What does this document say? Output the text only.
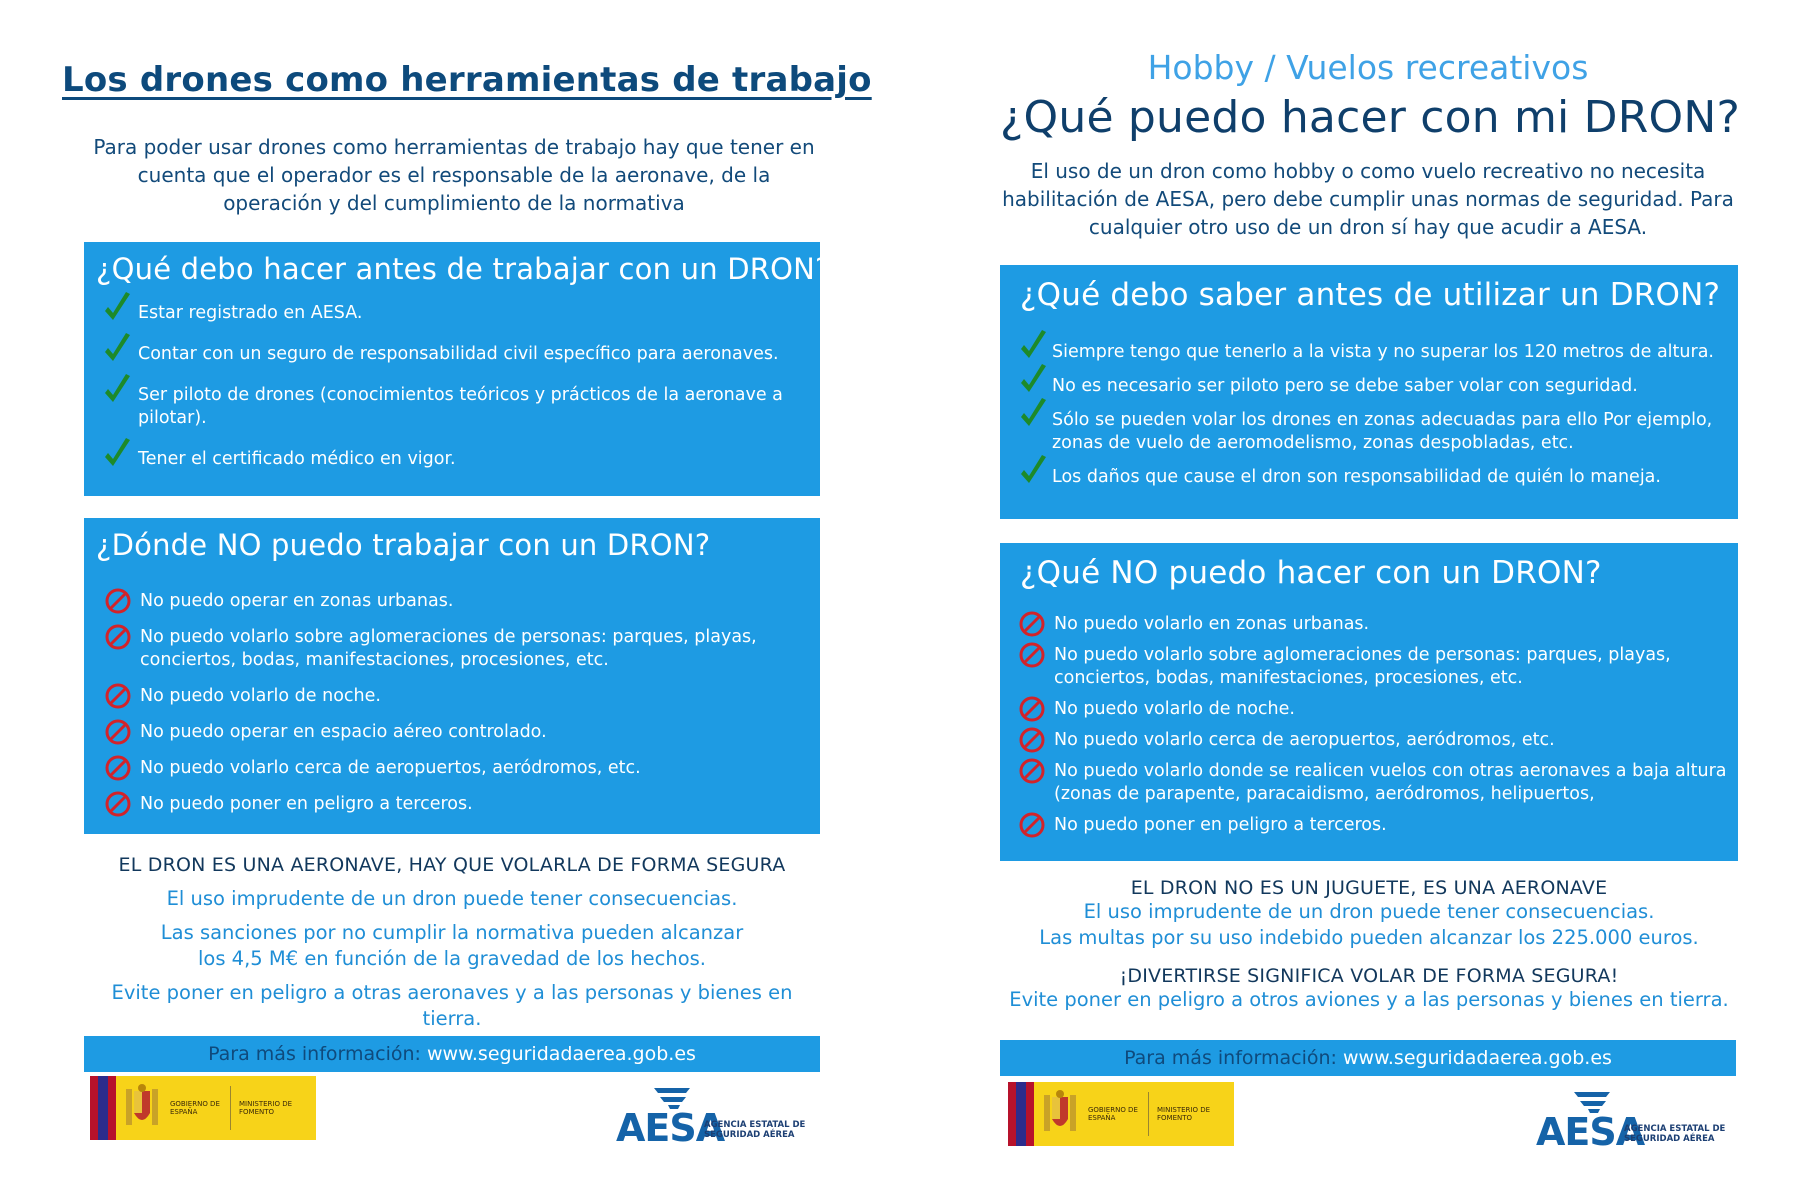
Los drones como herramientas de trabajo
Para poder usar drones como herramientas de trabajo hay que tener en cuenta que el operador es el responsable de la aeronave, de la operación y del cumplimiento de la normativa
¿Qué debo hacer antes de trabajar con un DRON?
Estar registrado en AESA.
Contar con un seguro de responsabilidad civil específico para aeronaves.
Ser piloto de drones (conocimientos teóricos y prácticos de la aeronave a pilotar).
Tener el certificado médico en vigor.
¿Dónde NO puedo trabajar con un DRON?
No puedo operar en zonas urbanas.
No puedo volarlo sobre aglomeraciones de personas: parques, playas, conciertos, bodas, manifestaciones, procesiones, etc.
No puedo volarlo de noche.
No puedo operar en espacio aéreo controlado.
No puedo volarlo cerca de aeropuertos, aeródromos, etc.
No puedo poner en peligro a terceros.
EL DRON ES UNA AERONAVE, HAY QUE VOLARLA DE FORMA SEGURA
El uso imprudente de un dron puede tener consecuencias.
Las sanciones por no cumplir la normativa pueden alcanzar los 4,5 M€ en función de la gravedad de los hechos.
Evite poner en peligro a otras aeronaves y a las personas y bienes en tierra.
Para más información: www.seguridadaerea.gob.es
GOBIERNO DE ESPAÑA
MINISTERIO DE FOMENTO	AESA
AGENCIA ESTATAL DE SEGURIDAD AÉREA
Hobby / Vuelos recreativos
¿Qué puedo hacer con mi DRON?
El uso de un dron como hobby o como vuelo recreativo no necesita habilitación de AESA, pero debe cumplir unas normas de seguridad. Para cualquier otro uso de un dron sí hay que acudir a AESA.
¿Qué debo saber antes de utilizar un DRON?
Siempre tengo que tenerlo a la vista y no superar los 120 metros de altura.
No es necesario ser piloto pero se debe saber volar con seguridad.
Sólo se pueden volar los drones en zonas adecuadas para ello Por ejemplo, zonas de vuelo de aeromodelismo, zonas despobladas, etc.
Los daños que cause el dron son responsabilidad de quién lo maneja.
¿Qué NO puedo hacer con un DRON?
No puedo volarlo en zonas urbanas.
No puedo volarlo sobre aglomeraciones de personas: parques, playas, conciertos, bodas, manifestaciones, procesiones, etc.
No puedo volarlo de noche.
No puedo volarlo cerca de aeropuertos, aeródromos, etc.
No puedo volarlo donde se realicen vuelos con otras aeronaves a baja altura (zonas de parapente, paracaidismo, aeródromos, helipuertos,
No puedo poner en peligro a terceros.
EL DRON NO ES UN JUGUETE, ES UNA AERONAVE
El uso imprudente de un dron puede tener consecuencias.
Las multas por su uso indebido pueden alcanzar los 225.000 euros.
¡DIVERTIRSE SIGNIFICA VOLAR DE FORMA SEGURA!
Evite poner en peligro a otros aviones y a las personas y bienes en tierra.
Para más información: www.seguridadaerea.gob.es
GOBIERNO DE ESPAÑA
MINISTERIO DE FOMENTO	AESA
AGENCIA ESTATAL DE SEGURIDAD AÉREA
